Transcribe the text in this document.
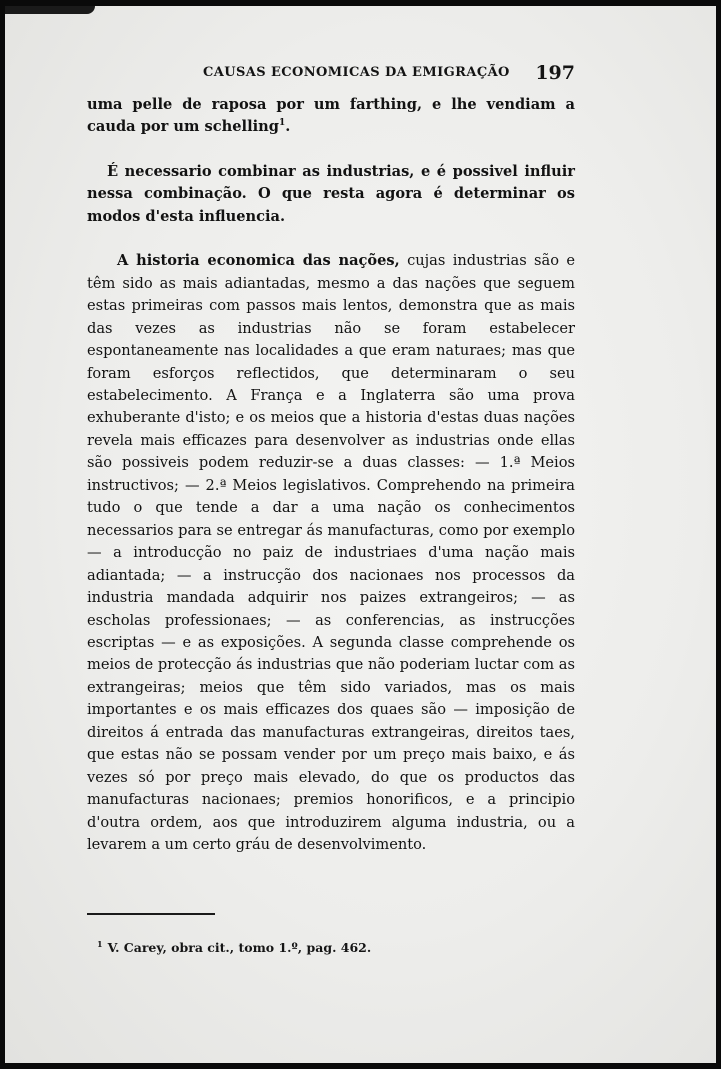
CAUSAS ECONOMICAS DA EMIGRAÇÃO 197

uma pelle de raposa por um farthing, e lhe vendiam a cauda por um schelling$^1$.

É necessario combinar as industrias, e é possivel influir nessa combinação. O que resta agora é determinar os modos d'esta influencia.

A historia economica das nações, cujas industrias são e têm sido as mais adiantadas, mesmo a das nações que seguem estas primeiras com passos mais lentos, demonstra que as mais das vezes as industrias não se foram estabelecer espontaneamente nas localidades a que eram naturaes; mas que foram esforços reflectidos, que determinaram o seu estabelecimento. A França e a Inglaterra são uma prova exhuberante d'isto; e os meios que a historia d'estas duas nações revela mais efficazes para desenvolver as industrias onde ellas são possiveis podem reduzir-se a duas classes: — 1.ª Meios instructivos; — 2.ª Meios legislativos. Comprehendo na primeira tudo o que tende a dar a uma nação os conhecimentos necessarios para se entregar ás manufacturas, como por exemplo — a introducção no paiz de industriaes d'uma nação mais adiantada; — a instrucção dos nacionaes nos processos da industria mandada adquirir nos paizes extrangeiros; — as escholas professionaes; — as conferencias, as instrucções escriptas — e as exposições. A segunda classe comprehende os meios de protecção ás industrias que não poderiam luctar com as extrangeiras; meios que têm sido variados, mas os mais importantes e os mais efficazes dos quaes são — imposição de direitos á entrada das manufacturas extrangeiras, direitos taes, que estas não se possam vender por um preço mais baixo, e ás vezes só por preço mais elevado, do que os productos das manufacturas nacionaes; premios honorificos, e a principio d'outra ordem, aos que introduzirem alguma industria, ou a levarem a um certo gráu de desenvolvimento.

$^1$ V. Carey, obra cit., tomo 1.º, pag. 462.
